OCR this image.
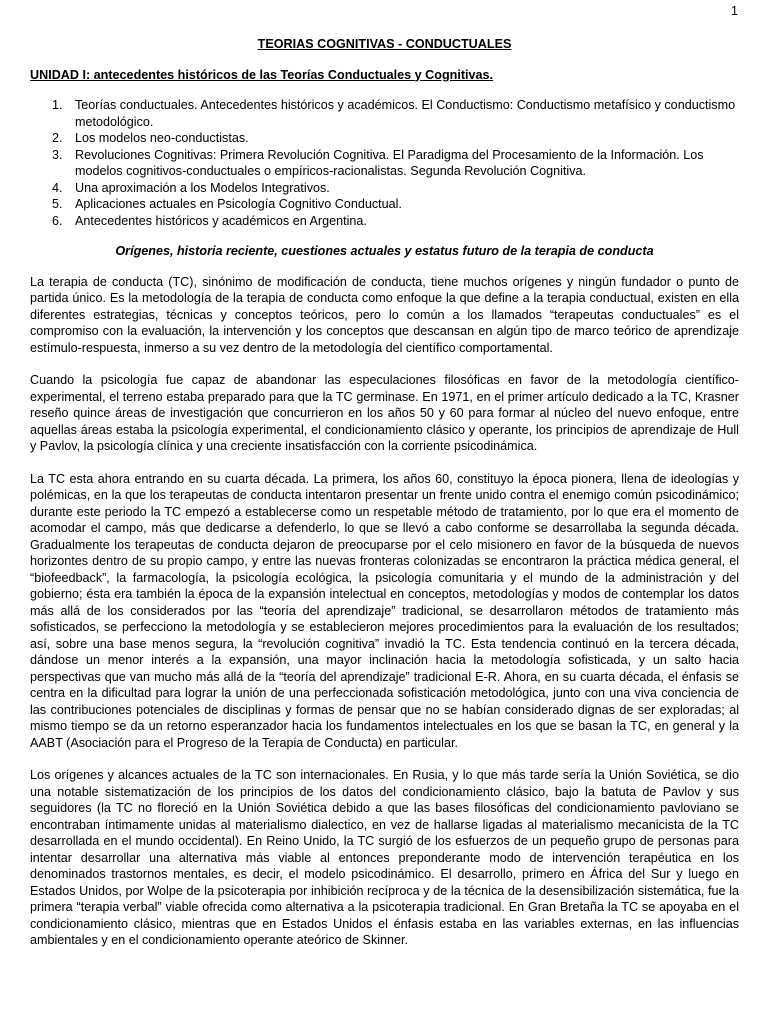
1
TEORIAS COGNITIVAS - CONDUCTUALES
UNIDAD I: antecedentes históricos de las Teorías Conductuales y Cognitivas.
1. Teorías conductuales. Antecedentes históricos y académicos. El Conductismo: Conductismo metafísico y conductismo metodológico.
2. Los modelos neo-conductistas.
3. Revoluciones Cognitivas: Primera Revolución Cognitiva. El Paradigma del Procesamiento de la Información. Los modelos cognitivos-conductuales o empíricos-racionalistas. Segunda Revolución Cognitiva.
4. Una aproximación a los Modelos Integrativos.
5. Aplicaciones actuales en Psicología Cognitivo Conductual.
6. Antecedentes históricos y académicos en Argentina.
Orígenes, historia reciente, cuestiones actuales y estatus futuro de la terapia de conducta

La terapia de conducta (TC), sinónimo de modificación de conducta, tiene muchos orígenes y ningún fundador o punto de partida único. Es la metodología de la terapia de conducta como enfoque la que define a la terapia conductual, existen en ella diferentes estrategias, técnicas y conceptos teóricos, pero lo común a los llamados “terapeutas conductuales” es el compromiso con la evaluación, la intervención y los conceptos que descansan en algún tipo de marco teórico de aprendizaje estímulo-respuesta, inmerso a su vez dentro de la metodología del científico comportamental.

Cuando la psicología fue capaz de abandonar las especulaciones filosóficas en favor de la metodología científico-experimental, el terreno estaba preparado para que la TC germinase. En 1971, en el primer artículo dedicado a la TC, Krasner reseño quince áreas de investigación que concurrieron en los años 50 y 60 para formar al núcleo del nuevo enfoque, entre aquellas áreas estaba la psicología experimental, el condicionamiento clásico y operante, los principios de aprendizaje de Hull y Pavlov, la psicología clínica y una creciente insatisfacción con la corriente psicodinámica.

La TC esta ahora entrando en su cuarta década. La primera, los años 60, constituyo la época pionera, llena de ideologías y polémicas, en la que los terapeutas de conducta intentaron presentar un frente unido contra el enemigo común psicodinámico; durante este periodo la TC empezó a establecerse como un respetable método de tratamiento, por lo que era el momento de acomodar el campo, más que dedicarse a defenderlo, lo que se llevó a cabo conforme se desarrollaba la segunda década. Gradualmente los terapeutas de conducta dejaron de preocuparse por el celo misionero en favor de la búsqueda de nuevos horizontes dentro de su propio campo, y entre las nuevas fronteras colonizadas se encontraron la práctica médica general, el “biofeedback”, la farmacología, la psicología ecológica, la psicología comunitaria y el mundo de la administración y del gobierno; ésta era también la época de la expansión intelectual en conceptos, metodologías y modos de contemplar los datos más allá de los considerados por las “teoría del aprendizaje” tradicional, se desarrollaron métodos de tratamiento más sofisticados, se perfecciono la metodología y se establecieron mejores procedimientos para la evaluación de los resultados; así, sobre una base menos segura, la “revolución cognitiva” invadió la TC. Esta tendencia continuó en la tercera década, dándose un menor interés a la expansión, una mayor inclinación hacia la metodología sofisticada, y un salto hacia perspectivas que van mucho más allá de la “teoría del aprendizaje” tradicional E-R. Ahora, en su cuarta década, el énfasis se centra en la dificultad para lograr la unión de una perfeccionada sofisticación metodológica, junto con una viva conciencia de las contribuciones potenciales de disciplinas y formas de pensar que no se habían considerado dignas de ser exploradas; al mismo tiempo se da un retorno esperanzador hacia los fundamentos intelectuales en los que se basan la TC, en general y la AABT (Asociación para el Progreso de la Terapia de Conducta) en particular.

Los orígenes y alcances actuales de la TC son internacionales. En Rusia, y lo que más tarde sería la Unión Soviética, se dio una notable sistematización de los principios de los datos del condicionamiento clásico, bajo la batuta de Pavlov y sus seguidores (la TC no floreció en la Unión Soviética debido a que las bases filosóficas del condicionamiento pavloviano se encontraban íntimamente unidas al materialismo dialectico, en vez de hallarse ligadas al materialismo mecanicista de la TC desarrollada en el mundo occidental). En Reino Unido, la TC surgió de los esfuerzos de un pequeño grupo de personas para intentar desarrollar una alternativa más viable al entonces preponderante modo de intervención terapéutica en los denominados trastornos mentales, es decir, el modelo psicodinámico. El desarrollo, primero en África del Sur y luego en Estados Unidos, por Wolpe de la psicoterapia por inhibición recíproca y de la técnica de la desensibilización sistemática, fue la primera “terapia verbal” viable ofrecida como alternativa a la psicoterapia tradicional. En Gran Bretaña la TC se apoyaba en el condicionamiento clásico, mientras que en Estados Unidos el énfasis estaba en las variables externas, en las influencias ambientales y en el condicionamiento operante ateórico de Skinner.
